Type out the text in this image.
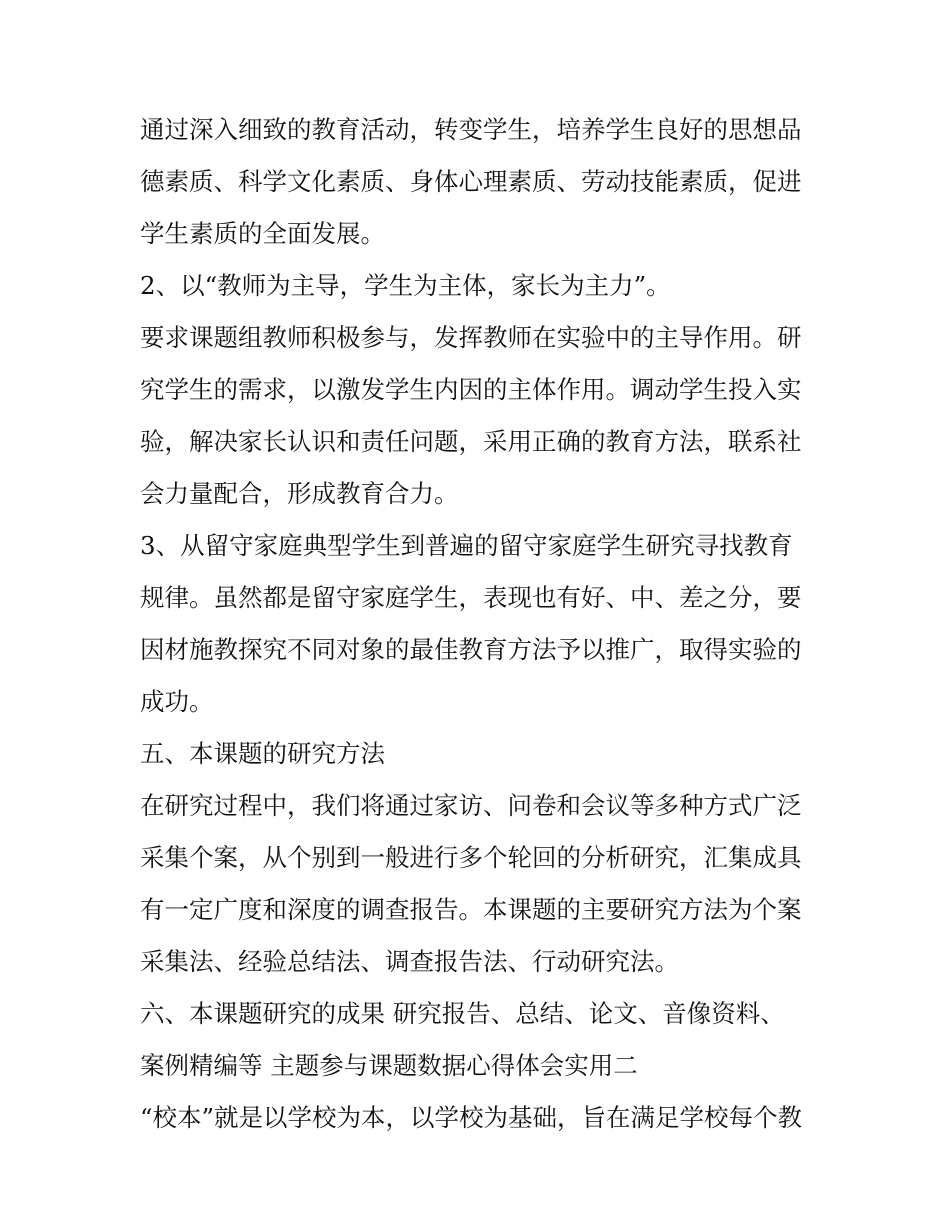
通过深入细致的教育活动，转变学生，培养学生良好的思想品
德素质、科学文化素质、身体心理素质、劳动技能素质，促进
学生素质的全面发展。
2、以“教师为主导，学生为主体，家长为主力”。
要求课题组教师积极参与，发挥教师在实验中的主导作用。研
究学生的需求，以激发学生内因的主体作用。调动学生投入实
验，解决家长认识和责任问题，采用正确的教育方法，联系社
会力量配合，形成教育合力。
3、从留守家庭典型学生到普遍的留守家庭学生研究寻找教育
规律。虽然都是留守家庭学生，表现也有好、中、差之分，要
因材施教探究不同对象的最佳教育方法予以推广，取得实验的
成功。
五、本课题的研究方法
在研究过程中，我们将通过家访、问卷和会议等多种方式广泛
采集个案，从个别到一般进行多个轮回的分析研究，汇集成具
有一定广度和深度的调查报告。本课题的主要研究方法为个案
采集法、经验总结法、调查报告法、行动研究法。
六、本课题研究的成果 研究报告、总结、论文、音像资料、
案例精编等 主题参与课题数据心得体会实用二
“校本”就是以学校为本，以学校为基础，旨在满足学校每个教
